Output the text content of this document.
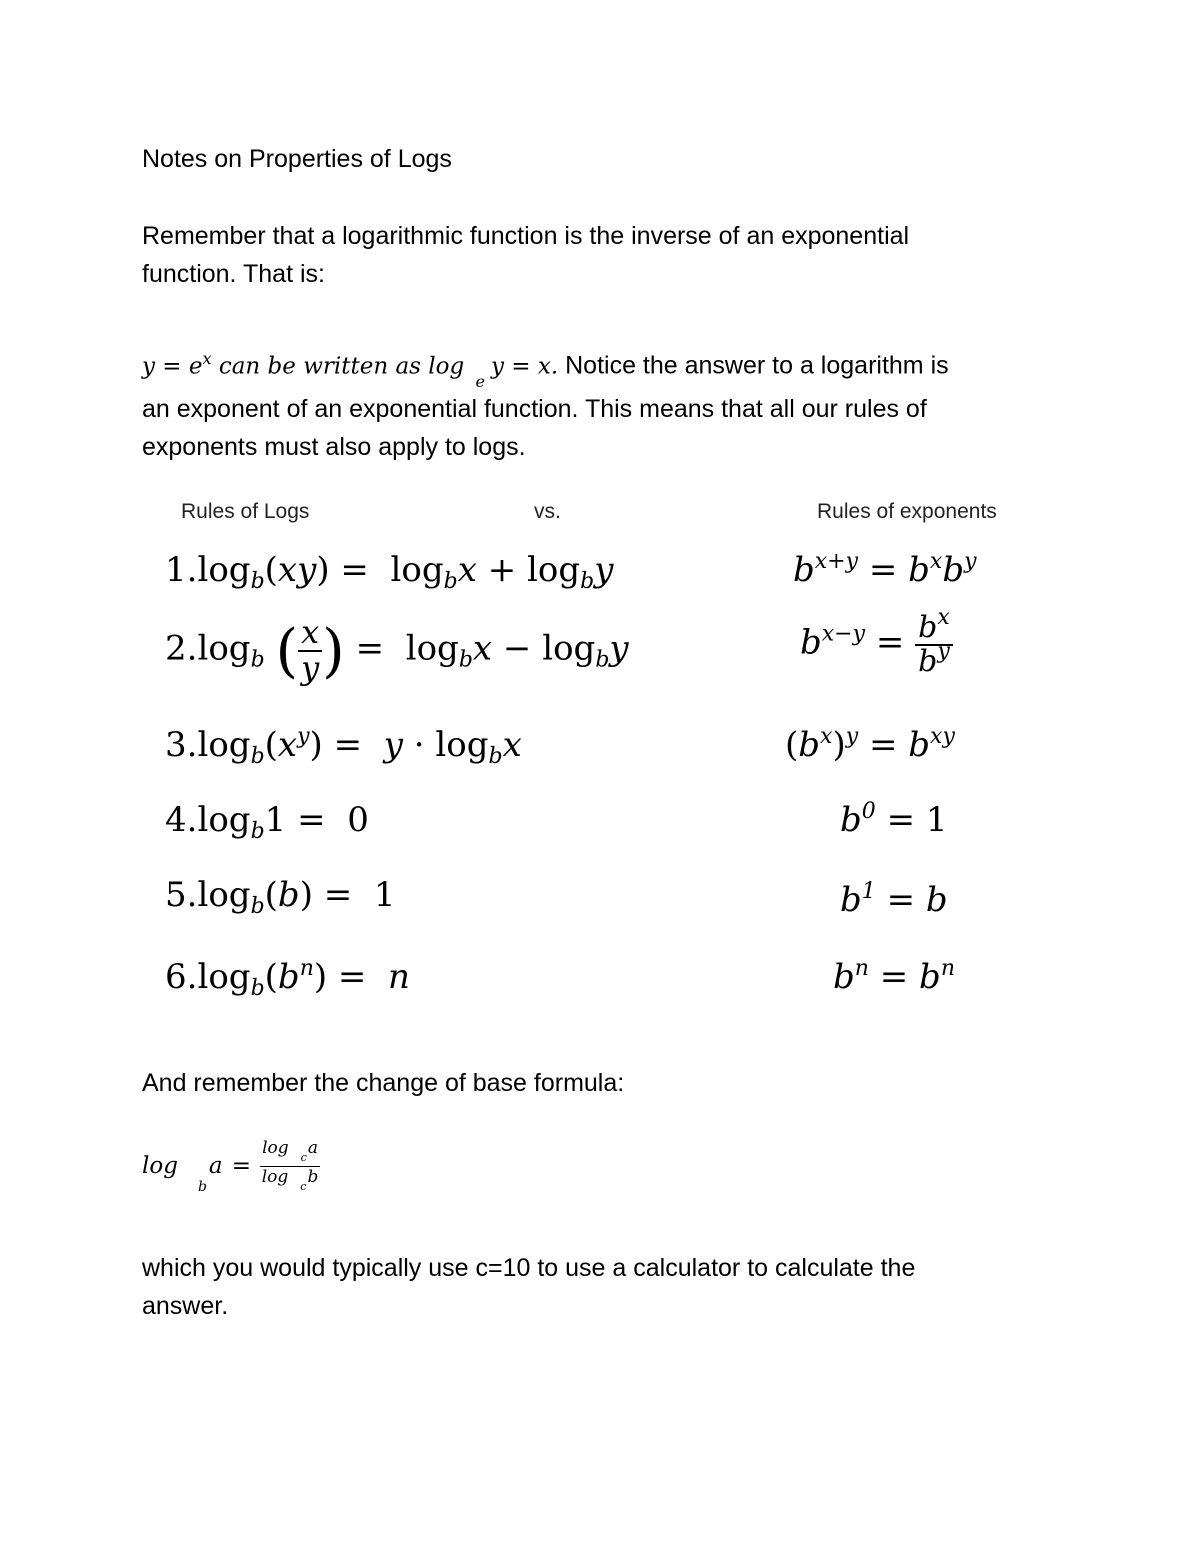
Notes on Properties of Logs

Remember that a logarithmic function is the inverse of an exponential

function. That is:

$y = e^x$ can be written as log $_e$y = x. Notice the answer to a logarithm is

an exponent of an exponential function. This means that all our rules of

exponents must also apply to logs.

Rules of Logs	vs.	Rules of exponents
$1.\log_b(xy) = \log_bx + \log_by$	$b^{x+y} = b^xb^y$
$2.\log_b$ ( $\frac{x}{y}$ ) =  $\log_bx - \log_by$	$b^{x-y} = \frac{b^x}{b^y}$
$3.\log_b(x^y) = y \cdot \log_bx$	$(b^x)^y = b^{xy}$
$4.\log_b1 = 0$	$b^0 = 1$
$5.\log_b(b) = 1$	$b^1 = b$
$6.\log_b(b^n) = n$	$b^n = b^n$

And remember the change of base formula:

logba = $\frac{\log _ca}{\log _cb}$

which you would typically use c=10 to use a calculator to calculate the

answer.
